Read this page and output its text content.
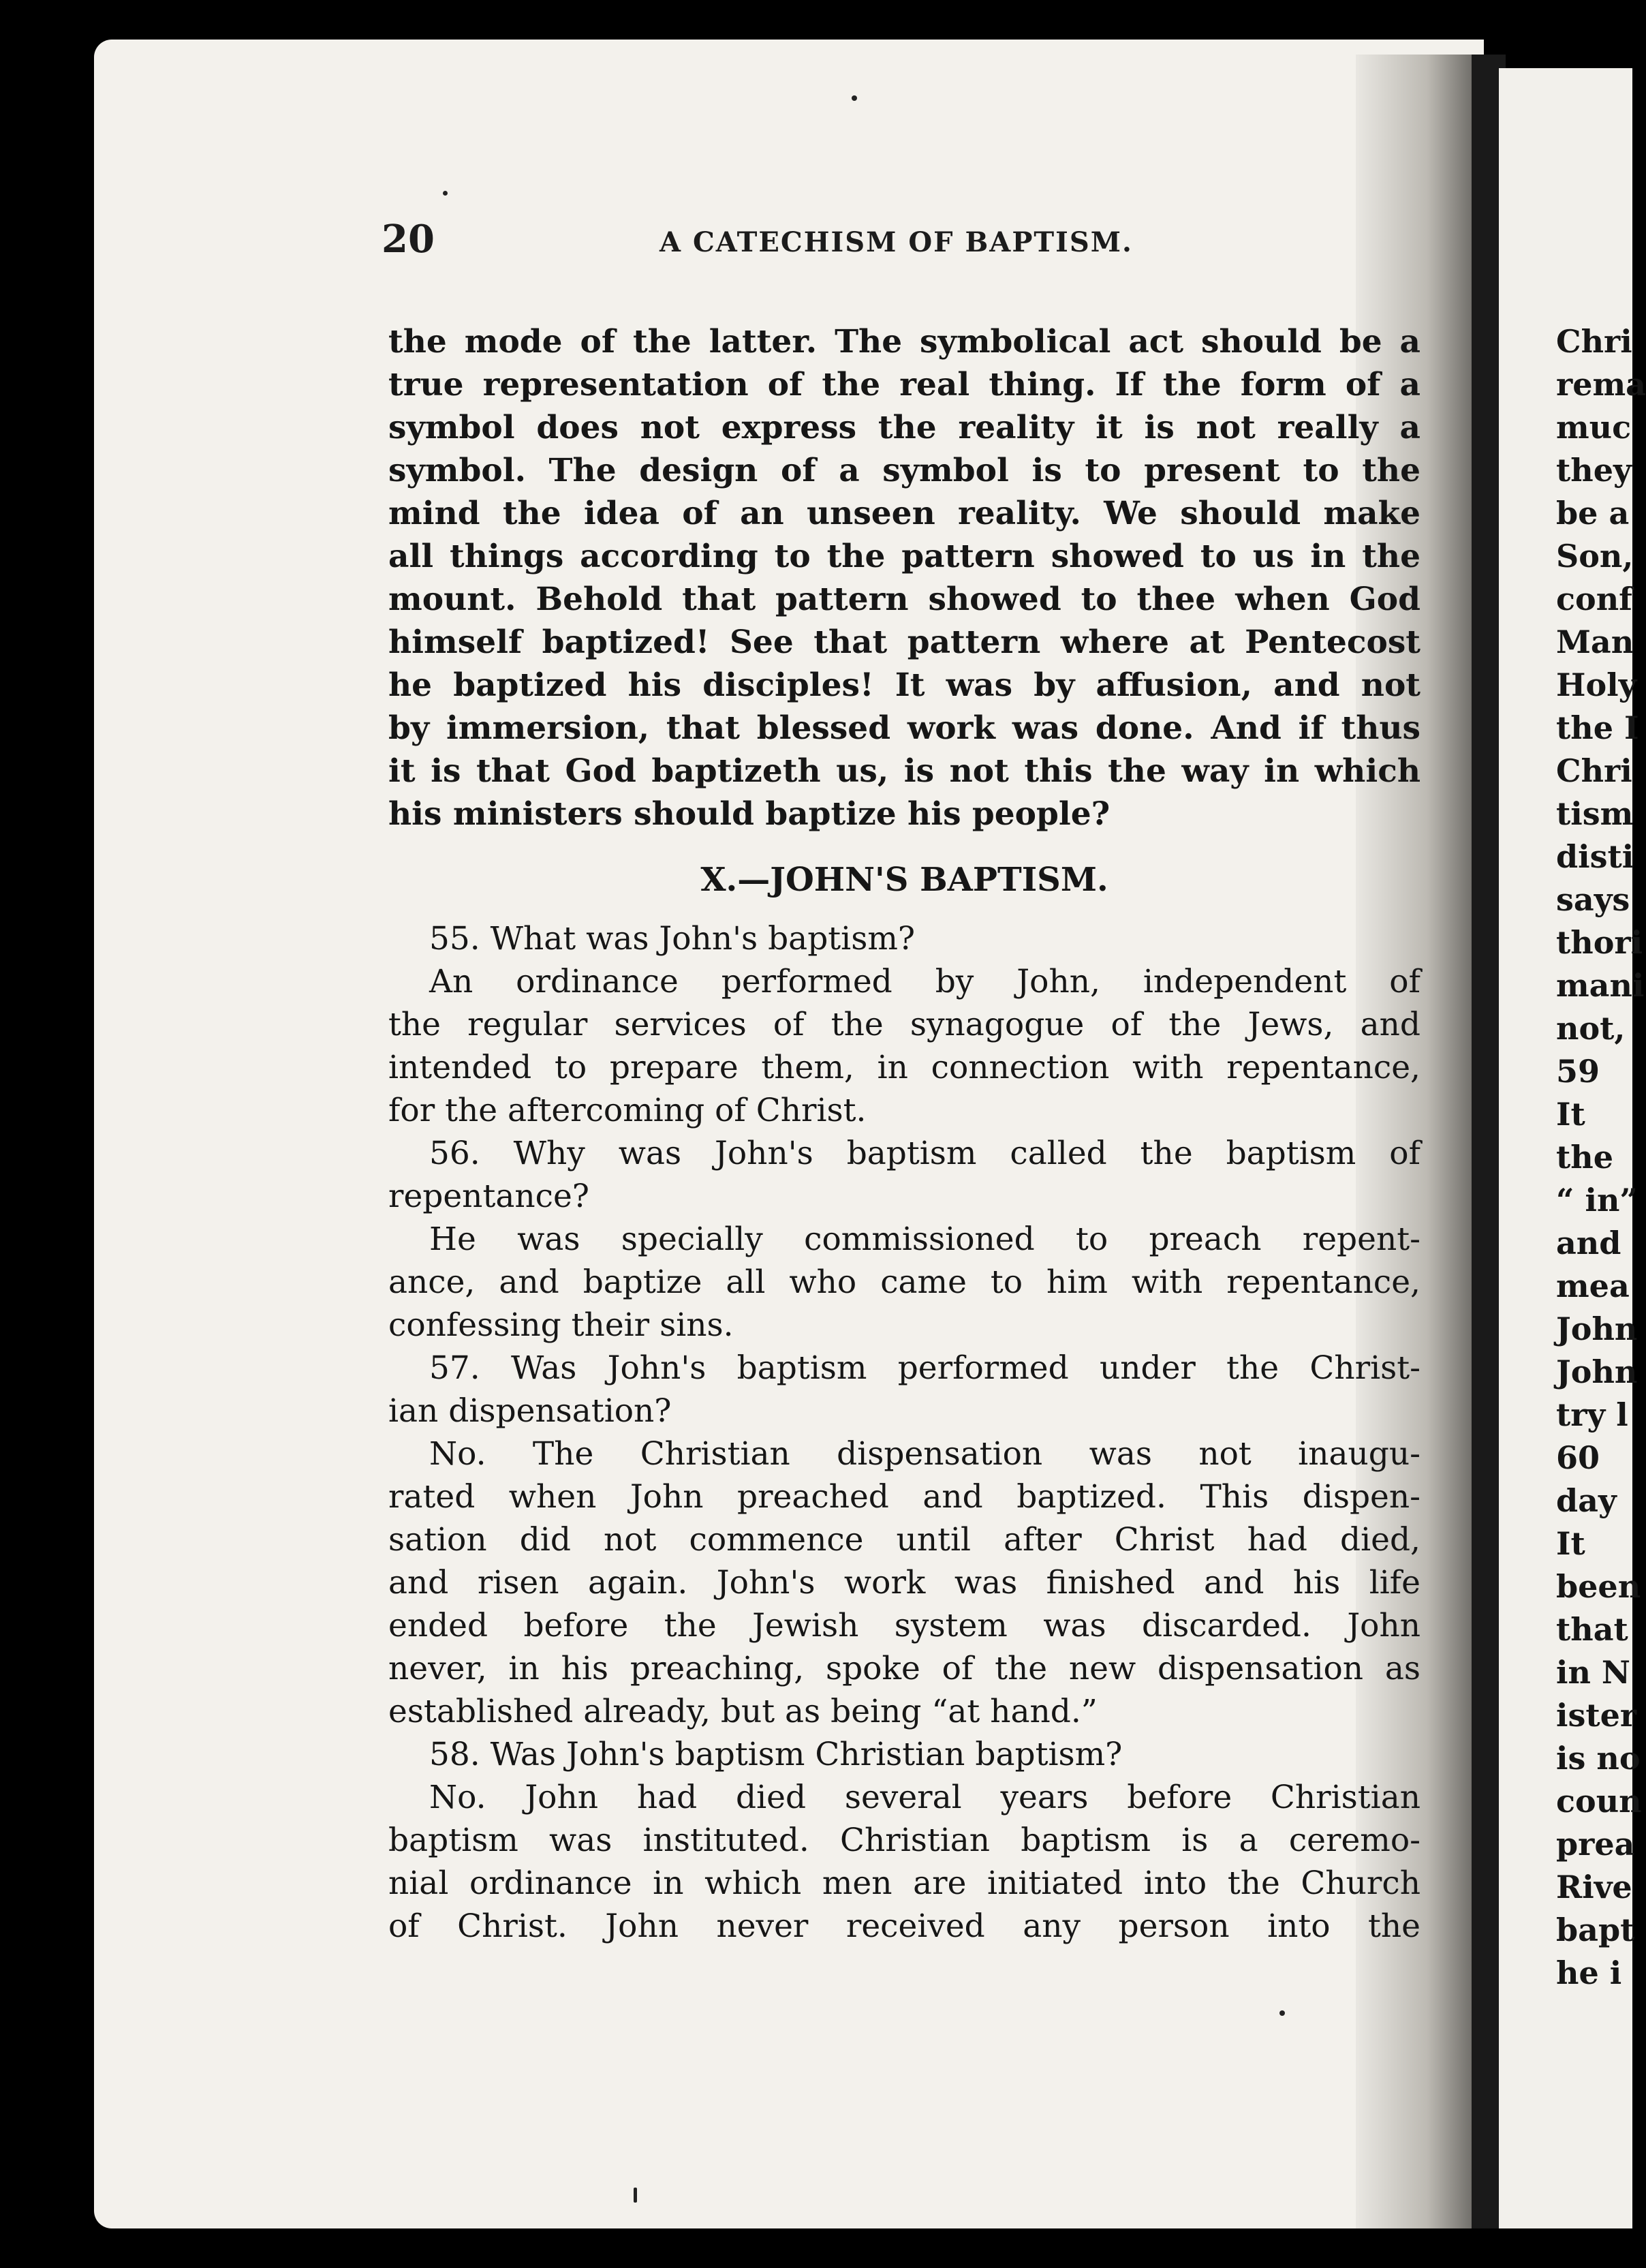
20	A CATECHISM OF BAPTISM.
the mode of the latter. The symbolical act should be a
true representation of the real thing. If the form of a
symbol does not express the reality it is not really a
symbol. The design of a symbol is to present to the
mind the idea of an unseen reality. We should make
all things according to the pattern showed to us in the
mount. Behold that pattern showed to thee when God
himself baptized! See that pattern where at Pentecost
he baptized his disciples! It was by affusion, and not
by immersion, that blessed work was done. And if thus
it is that God baptizeth us, is not this the way in which
his ministers should baptize his people?
X.—JOHN'S BAPTISM.
55. What was John's baptism?
An ordinance performed by John, independent of
the regular services of the synagogue of the Jews, and
intended to prepare them, in connection with repentance,
for the aftercoming of Christ.
56. Why was John's baptism called the baptism of
repentance?
He was specially commissioned to preach repent-
ance, and baptize all who came to him with repentance,
confessing their sins.
57. Was John's baptism performed under the Christ-
ian dispensation?
No. The Christian dispensation was not inaugu-
rated when John preached and baptized. This dispen-
sation did not commence until after Christ had died,
and risen again. John's work was finished and his life
ended before the Jewish system was discarded. John
never, in his preaching, spoke of the new dispensation as
established already, but as being “at hand.”
58. Was John's baptism Christian baptism?
No. John had died several years before Christian
baptism was instituted. Christian baptism is a ceremo-
nial ordinance in which men are initiated into the Church
of Christ. John never received any person into the
Chri
rema
muc
they
be a
Son,
conf
Man
Holy
the I
Chri
tism
disti
says
thori
mani
not,
59
It
the
“ in”
and
mea
John
John
try l
60
day
It
been
that
in N
ister
is no
coun
prea
Rive
bapt
he i
